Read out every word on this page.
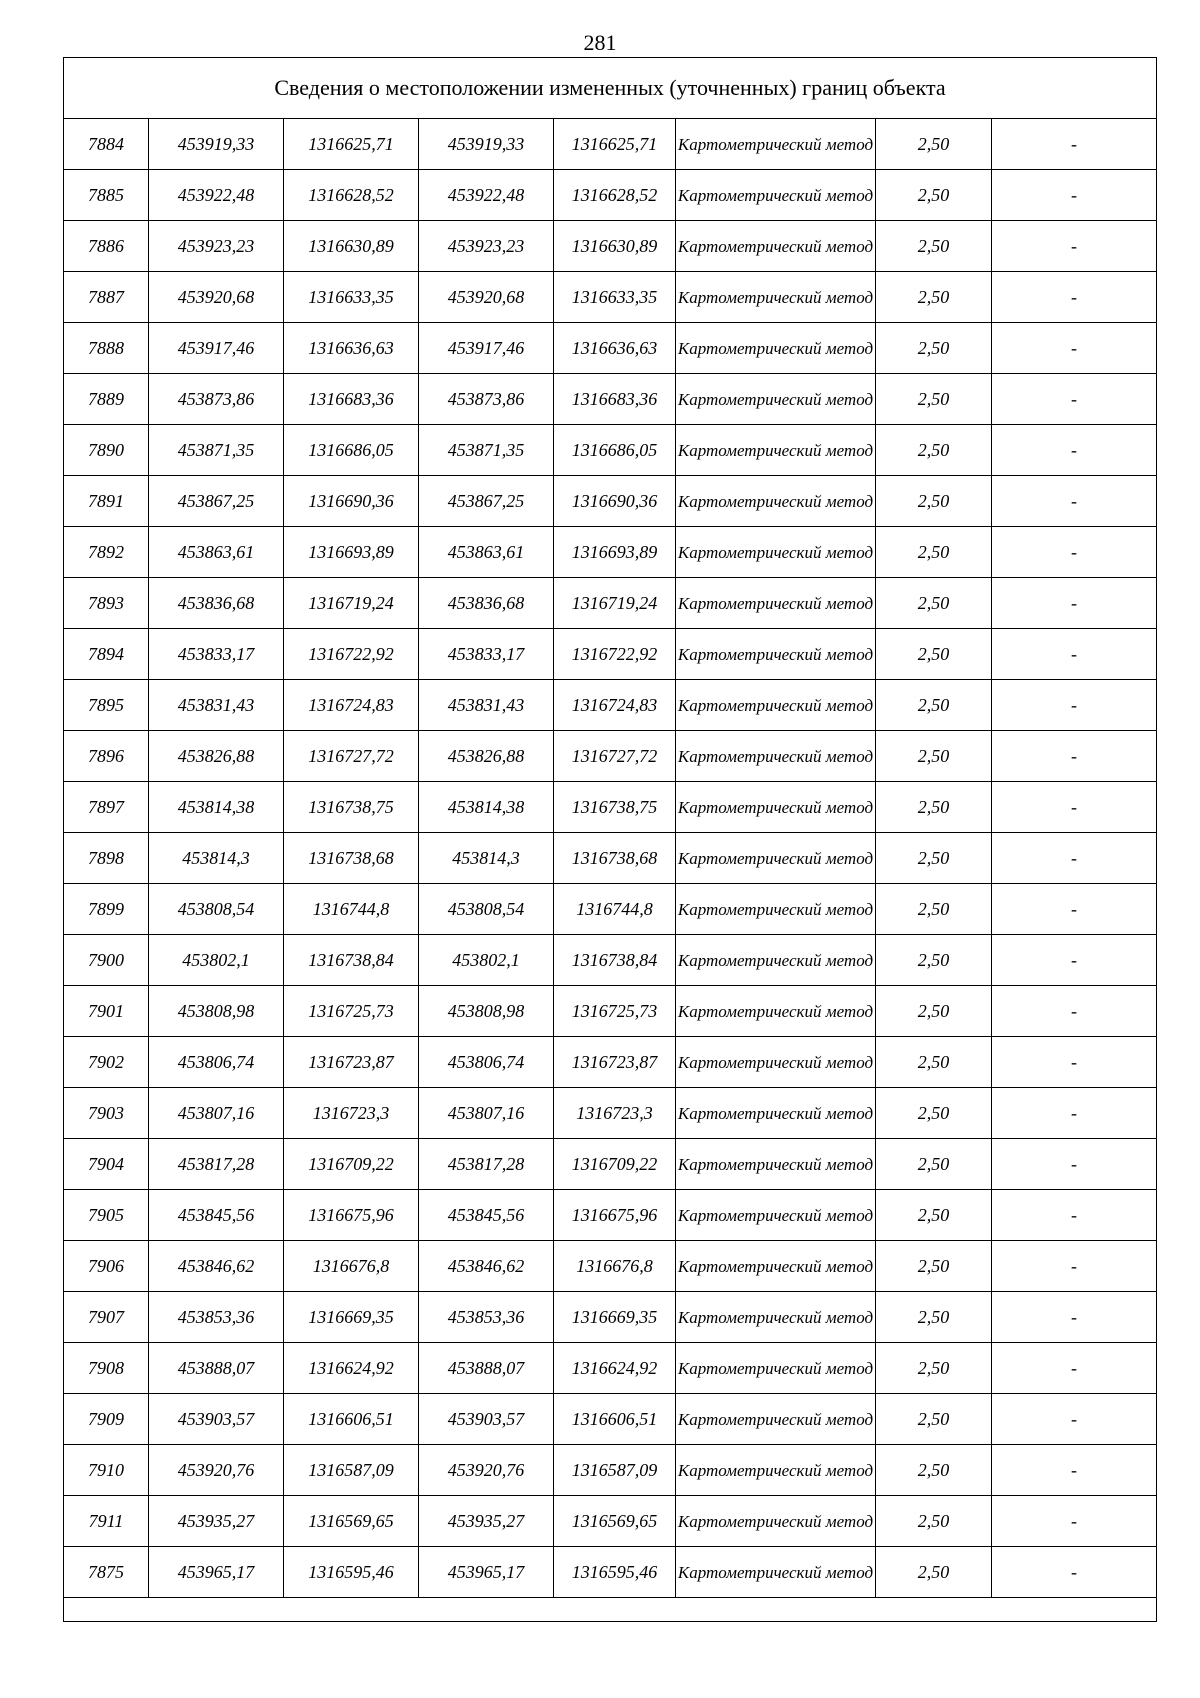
281
Сведения о местоположении измененных (уточненных) границ объекта							
7884	453919,33	1316625,71	453919,33	1316625,71	Картометрический метод	2,50	-
7885	453922,48	1316628,52	453922,48	1316628,52	Картометрический метод	2,50	-
7886	453923,23	1316630,89	453923,23	1316630,89	Картометрический метод	2,50	-
7887	453920,68	1316633,35	453920,68	1316633,35	Картометрический метод	2,50	-
7888	453917,46	1316636,63	453917,46	1316636,63	Картометрический метод	2,50	-
7889	453873,86	1316683,36	453873,86	1316683,36	Картометрический метод	2,50	-
7890	453871,35	1316686,05	453871,35	1316686,05	Картометрический метод	2,50	-
7891	453867,25	1316690,36	453867,25	1316690,36	Картометрический метод	2,50	-
7892	453863,61	1316693,89	453863,61	1316693,89	Картометрический метод	2,50	-
7893	453836,68	1316719,24	453836,68	1316719,24	Картометрический метод	2,50	-
7894	453833,17	1316722,92	453833,17	1316722,92	Картометрический метод	2,50	-
7895	453831,43	1316724,83	453831,43	1316724,83	Картометрический метод	2,50	-
7896	453826,88	1316727,72	453826,88	1316727,72	Картометрический метод	2,50	-
7897	453814,38	1316738,75	453814,38	1316738,75	Картометрический метод	2,50	-
7898	453814,3	1316738,68	453814,3	1316738,68	Картометрический метод	2,50	-
7899	453808,54	1316744,8	453808,54	1316744,8	Картометрический метод	2,50	-
7900	453802,1	1316738,84	453802,1	1316738,84	Картометрический метод	2,50	-
7901	453808,98	1316725,73	453808,98	1316725,73	Картометрический метод	2,50	-
7902	453806,74	1316723,87	453806,74	1316723,87	Картометрический метод	2,50	-
7903	453807,16	1316723,3	453807,16	1316723,3	Картометрический метод	2,50	-
7904	453817,28	1316709,22	453817,28	1316709,22	Картометрический метод	2,50	-
7905	453845,56	1316675,96	453845,56	1316675,96	Картометрический метод	2,50	-
7906	453846,62	1316676,8	453846,62	1316676,8	Картометрический метод	2,50	-
7907	453853,36	1316669,35	453853,36	1316669,35	Картометрический метод	2,50	-
7908	453888,07	1316624,92	453888,07	1316624,92	Картометрический метод	2,50	-
7909	453903,57	1316606,51	453903,57	1316606,51	Картометрический метод	2,50	-
7910	453920,76	1316587,09	453920,76	1316587,09	Картометрический метод	2,50	-
7911	453935,27	1316569,65	453935,27	1316569,65	Картометрический метод	2,50	-
7875	453965,17	1316595,46	453965,17	1316595,46	Картометрический метод	2,50	-
